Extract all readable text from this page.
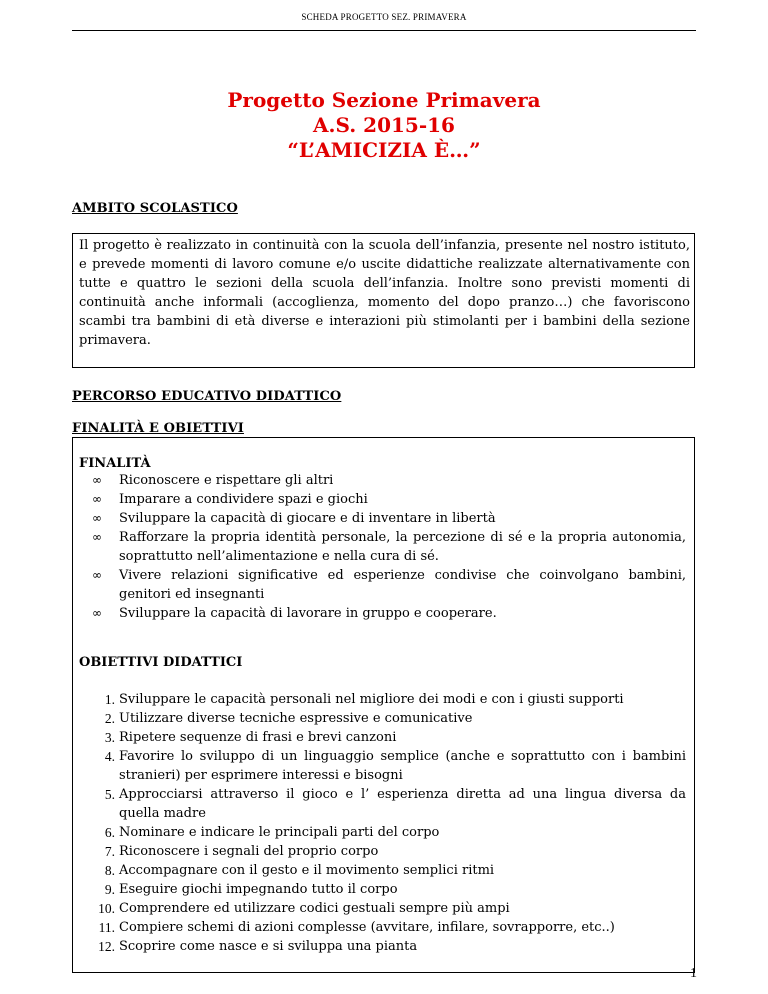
SCHEDA PROGETTO SEZ. PRIMAVERA
Progetto Sezione Primavera
A.S. 2015-16
“L’AMICIZIA È…”
AMBITO SCOLASTICO

Il progetto è realizzato in continuità con la scuola dell’infanzia, presente nel nostro istituto, e prevede momenti di lavoro comune e/o uscite didattiche realizzate alternativamente con tutte e quattro le sezioni della scuola dell’infanzia. Inoltre sono previsti momenti di continuità anche informali (accoglienza, momento del dopo pranzo…) che favoriscono scambi tra bambini di età diverse e interazioni più stimolanti per i bambini della sezione primavera.

PERCORSO EDUCATIVO DIDATTICO
FINALITÀ E OBIETTIVI

FINALITÀ

∞ Riconoscere e rispettare gli altri
∞ Imparare a condividere spazi e giochi
∞ Sviluppare la capacità di giocare e di inventare in libertà
∞ Rafforzare la propria identità personale, la percezione di sé e la propria autonomia, soprattutto nell’alimentazione e nella cura di sé.
∞ Vivere relazioni significative ed esperienze condivise che coinvolgano bambini, genitori ed insegnanti
∞ Sviluppare la capacità di lavorare in gruppo e cooperare.

OBIETTIVI DIDATTICI

1. Sviluppare le capacità personali nel migliore dei modi e con i giusti supporti
2. Utilizzare diverse tecniche espressive e comunicative
3. Ripetere sequenze di frasi e brevi canzoni
4. Favorire lo sviluppo di un linguaggio semplice (anche e soprattutto con i bambini stranieri) per esprimere interessi e bisogni
5. Approcciarsi attraverso il gioco e l’ esperienza diretta ad una lingua diversa da quella madre
6. Nominare e indicare le principali parti del corpo
7. Riconoscere i segnali del proprio corpo
8. Accompagnare con il gesto e il movimento semplici ritmi
9. Eseguire giochi impegnando tutto il corpo
10. Comprendere ed utilizzare codici gestuali sempre più ampi
11. Compiere schemi di azioni complesse (avvitare, infilare, sovrapporre, etc..)
12. Scoprire come nasce e si sviluppa una pianta
1
